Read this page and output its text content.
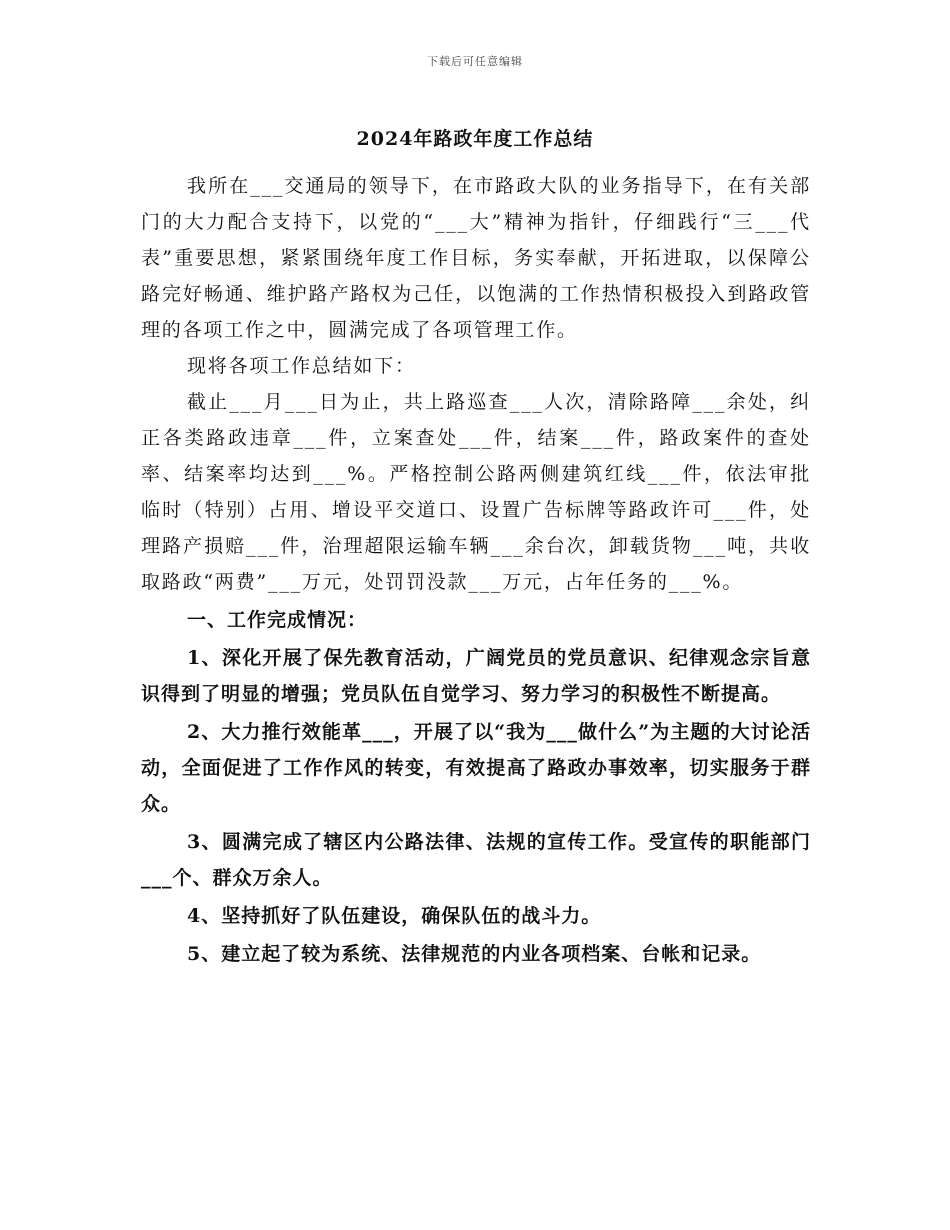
下载后可任意编辑
2024年路政年度工作总结

我所在___交通局的领导下，在市路政大队的业务指导下，在有关部门的大力配合支持下，以党的“___大”精神为指针，仔细践行“三___代表”重要思想，紧紧围绕年度工作目标，务实奉献，开拓进取，以保障公路完好畅通、维护路产路权为己任，以饱满的工作热情积极投入到路政管理的各项工作之中，圆满完成了各项管理工作。

现将各项工作总结如下：

截止___月___日为止，共上路巡查___人次，清除路障___余处，纠正各类路政违章___件，立案查处___件，结案___件，路政案件的查处率、结案率均达到___%。严格控制公路两侧建筑红线___件，依法审批临时（特别）占用、增设平交道口、设置广告标牌等路政许可___件，处理路产损赔___件，治理超限运输车辆___余台次，卸载货物___吨，共收取路政“两费”___万元，处罚罚没款___万元，占年任务的___%。

一、工作完成情况：

1、深化开展了保先教育活动，广阔党员的党员意识、纪律观念宗旨意识得到了明显的增强；党员队伍自觉学习、努力学习的积极性不断提高。

2、大力推行效能革___，开展了以“我为___做什么”为主题的大讨论活动，全面促进了工作作风的转变，有效提高了路政办事效率，切实服务于群众。

3、圆满完成了辖区内公路法律、法规的宣传工作。受宣传的职能部门___个、群众万余人。

4、坚持抓好了队伍建设，确保队伍的战斗力。

5、建立起了较为系统、法律规范的内业各项档案、台帐和记录。
